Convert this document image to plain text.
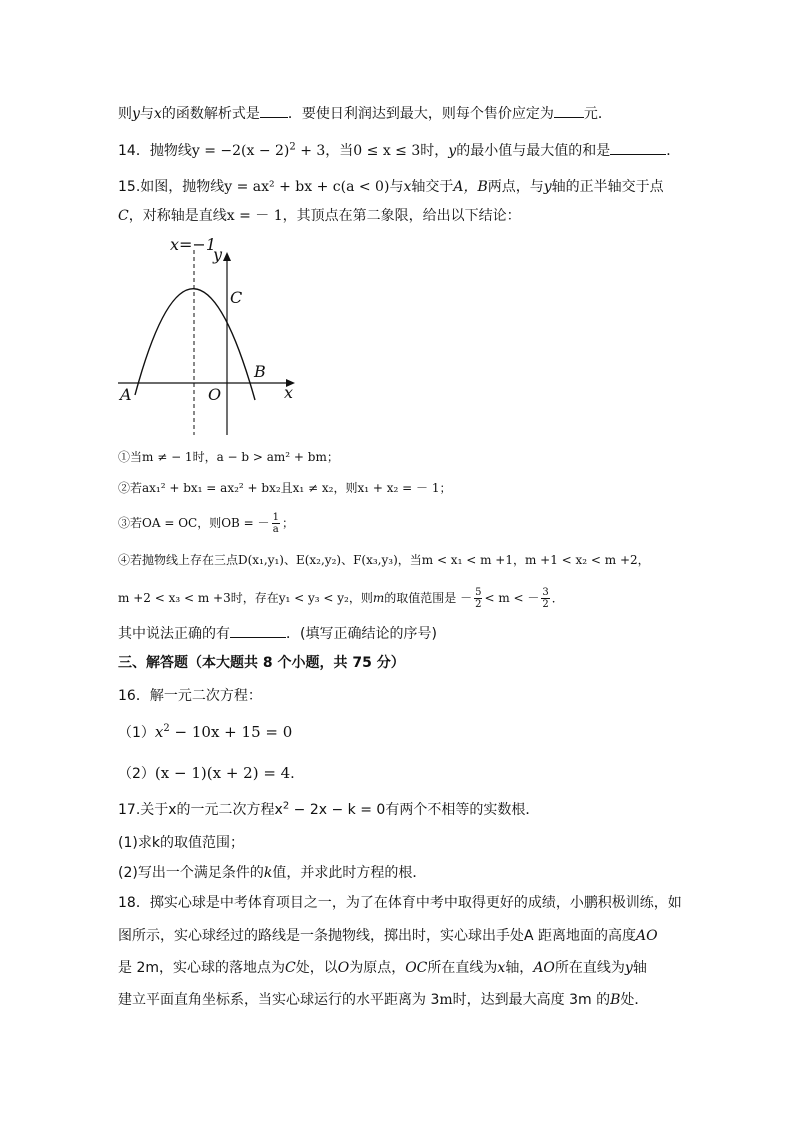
则y与x的函数解析式是 ．要使日利润达到最大，则每个售价应定为 元．
14．抛物线$y = -2(x - 2)^2 + 3$，当0 ≤ x ≤ 3时，y的最小值与最大值的和是	．
15.如图，抛物线y = ax² + bx + c(a < 0)与x轴交于A，B两点，与y轴的正半轴交于点
C，对称轴是直线x = － 1，其顶点在第二象限，给出以下结论：
x=−1
y
x
C
B
A	O
①当m ≠ − 1时，a − b > am² + bm；
②若ax₁² + bx₁ = ax₂² + bx₂且x₁ ≠ x₂，则x₁ + x₂ = － 1；
③若OA = OC，则OB = － $\frac{1}{a}$ ；
④若抛物线上存在三点D(x₁,y₁)、E(x₂,y₂)、F(x₃,y₃)，当m < x₁ < m +1，m +1 < x₂ < m +2，
m +2 < x₃ < m +3时，存在y₁ < y₃ < y₂，则m的取值范围是 － $\frac{5}{2} < m$ < － $\frac{3}{2}$ ．
其中说法正确的有	．(填写正确结论的序号)
三、解答题（本大题共 8 个小题，共 75 分）
16．解一元二次方程：
$(1)x^2 - 10x + 15 = 0$
（2）(x − 1)(x + 2) = 4．
17.关于x的一元二次方程$x^2 - 2x - k = 0$有两个不相等的实数根．
(1)求k的取值范围；
(2)写出一个满足条件的k值，并求此时方程的根．
18．掷实心球是中考体育项目之一，为了在体育中考中取得更好的成绩，小鹏积极训练，如
图所示，实心球经过的路线是一条抛物线，掷出时，实心球出手处A 距离地面的高度AO
是 2m，实心球的落地点为C处，以O为原点，OC所在直线为x轴，AO所在直线为y轴
建立平面直角坐标系，当实心球运行的水平距离为 3m时，达到最大高度 3m 的B处．
